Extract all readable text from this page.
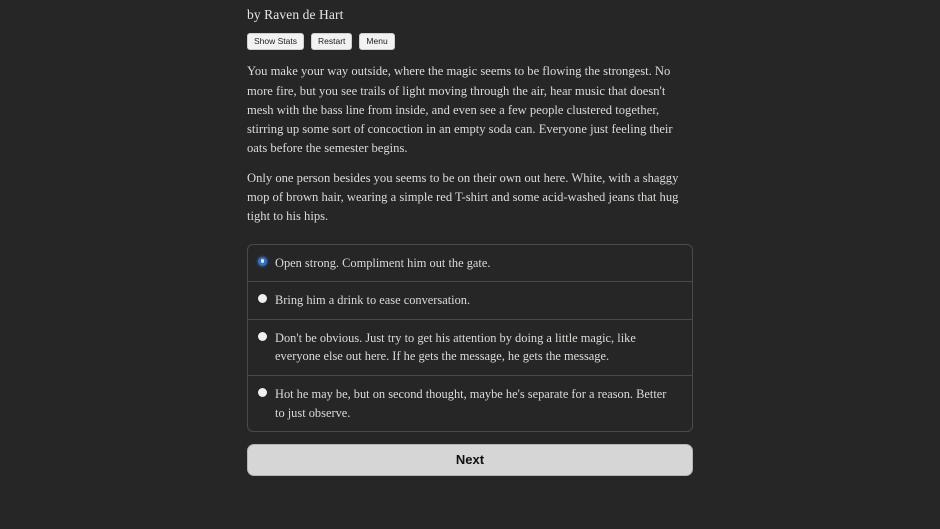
by Raven de Hart
Show Stats	Restart	Menu

You make your way outside, where the magic seems to be flowing the strongest. No more fire, but you see trails of light moving through the air, hear music that doesn't mesh with the bass line from inside, and even see a few people clustered together, stirring up some sort of concoction in an empty soda can. Everyone just feeling their oats before the semester begins.

Only one person besides you seems to be on their own out here. White, with a shaggy mop of brown hair, wearing a simple red T-shirt and some acid-washed jeans that hug tight to his hips.

Open strong. Compliment him out the gate.
Bring him a drink to ease conversation.
Don't be obvious. Just try to get his attention by doing a little magic, like everyone else out here. If he gets the message, he gets the message.
Hot he may be, but on second thought, maybe he's separate for a reason. Better to just observe.
Next
